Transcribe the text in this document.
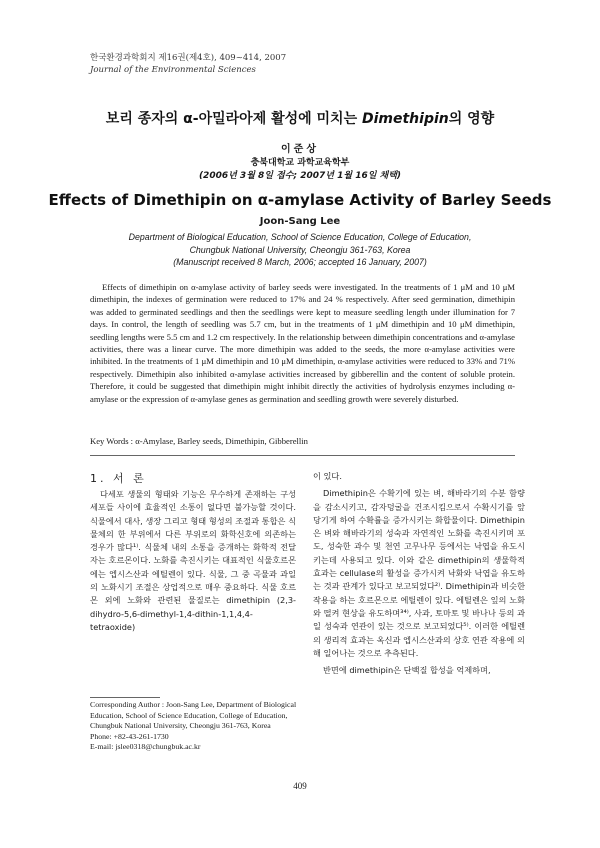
한국환경과학회지 제16권(제4호), 409~414, 2007
Journal of the Environmental Sciences
보리 종자의 α-아밀라아제 활성에 미치는 Dimethipin의 영향
이준상
충북대학교 과학교육학부
(2006년 3월 8일 접수; 2007년 1월 16일 채택)
Effects of Dimethipin on α-amylase Activity of Barley Seeds
Joon-Sang Lee
Department of Biological Education, School of Science Education, College of Education,
Chungbuk National University, Cheongju 361-763, Korea
(Manuscript received 8 March, 2006; accepted 16 January, 2007)
Effects of dimethipin on α-amylase activity of barley seeds were investigated. In the treatments of 1 μM and 10 μM dimethipin, the indexes of germination were reduced to 17% and 24 % respectively. After seed germination, dimethipin was added to germinated seedlings and then the seedlings were kept to measure seedling length under illumination for 7 days. In control, the length of seedling was 5.7 cm, but in the treatments of 1 μM dimethipin and 10 μM dimethipin, seedling lengths were 5.5 cm and 1.2 cm respectively. In the relationship between dimethipin concentrations and α-amylase activities, there was a linear curve. The more dimethipin was added to the seeds, the more α-amylase activities were inhibited. In the treatments of 1 μM dimethipin and 10 μM dimethipin, α-amylase activities were reduced to 33% and 71% respectively. Dimethipin also inhibited α-amylase activities increased by gibberellin and the content of soluble protein. Therefore, it could be suggested that dimethipin might inhibit directly the activities of hydrolysis enzymes including α-amylase or the expression of α-amylase genes as germination and seedling growth were severely disturbed.
Key Words : α-Amylase, Barley seeds, Dimethipin, Gibberellin
1. 서 론

다세포 생물의 형태와 기능은 무수하게 존재하는 구성세포들 사이에 효율적인 소통이 없다면 불가능할 것이다. 식물에서 대사, 생장 그리고 형태 형성의 조절과 통합은 식물체의 한 부위에서 다른 부위로의 화학신호에 의존하는 경우가 많다¹⁾. 식물체 내의 소통을 증개하는 화학적 전달자는 호르몬이다. 노화를 촉진시키는 대표적인 식물호르몬에는 엡시스산과 에틸렌이 있다. 식물, 그 중 곡물과 과일의 노화시기 조절은 상업적으로 매우 중요하다. 식물 호르몬 외에 노화와 관련된 물질로는 dimethipin (2,3-dihydro-5,6-dimethyl-1,4-dithin-1,1,4,4-tetraoxide)

이 있다.

Dimethipin은 수확기에 있는 벼, 해바라기의 수분 함량을 감소시키고, 감자덩굴을 건조시킴으로서 수확시기를 앞당기게 하여 수확률을 증가시키는 화합물이다. Dimethipin은 벼와 해바라기의 성숙과 자연적인 노화를 촉진시키며 포도, 성숙한 과수 및 천연 고무나무 등에서는 낙엽을 유도시키는데 사용되고 있다. 이와 같은 dimethipin의 생물학적 효과는 cellulase의 활성을 증가시켜 낙화와 낙엽을 유도하는 것과 관계가 있다고 보고되었다²⁾. Dimethipin과 비슷한 작용을 하는 호르몬으로 에틸렌이 있다. 에틸렌은 잎의 노화와 떨켜 현상을 유도하며³⁴⁾, 사과, 토마토 및 바나나 등의 과일 성숙과 연관이 있는 것으로 보고되었다⁵⁾. 이러한 에틸렌의 생리적 효과는 옥신과 엡시스산과의 상호 연관 작용에 의해 일어나는 것으로 추측된다.

반면에 dimethipin은 단백질 합성을 억제하며,

Corresponding Author : Joon-Sang Lee, Department of Biological Education, School of Science Education, College of Education, Chungbuk National University, Cheongju 361-763, Korea
Phone: +82-43-261-1730
E-mail: jslee0318@chungbuk.ac.kr
409
